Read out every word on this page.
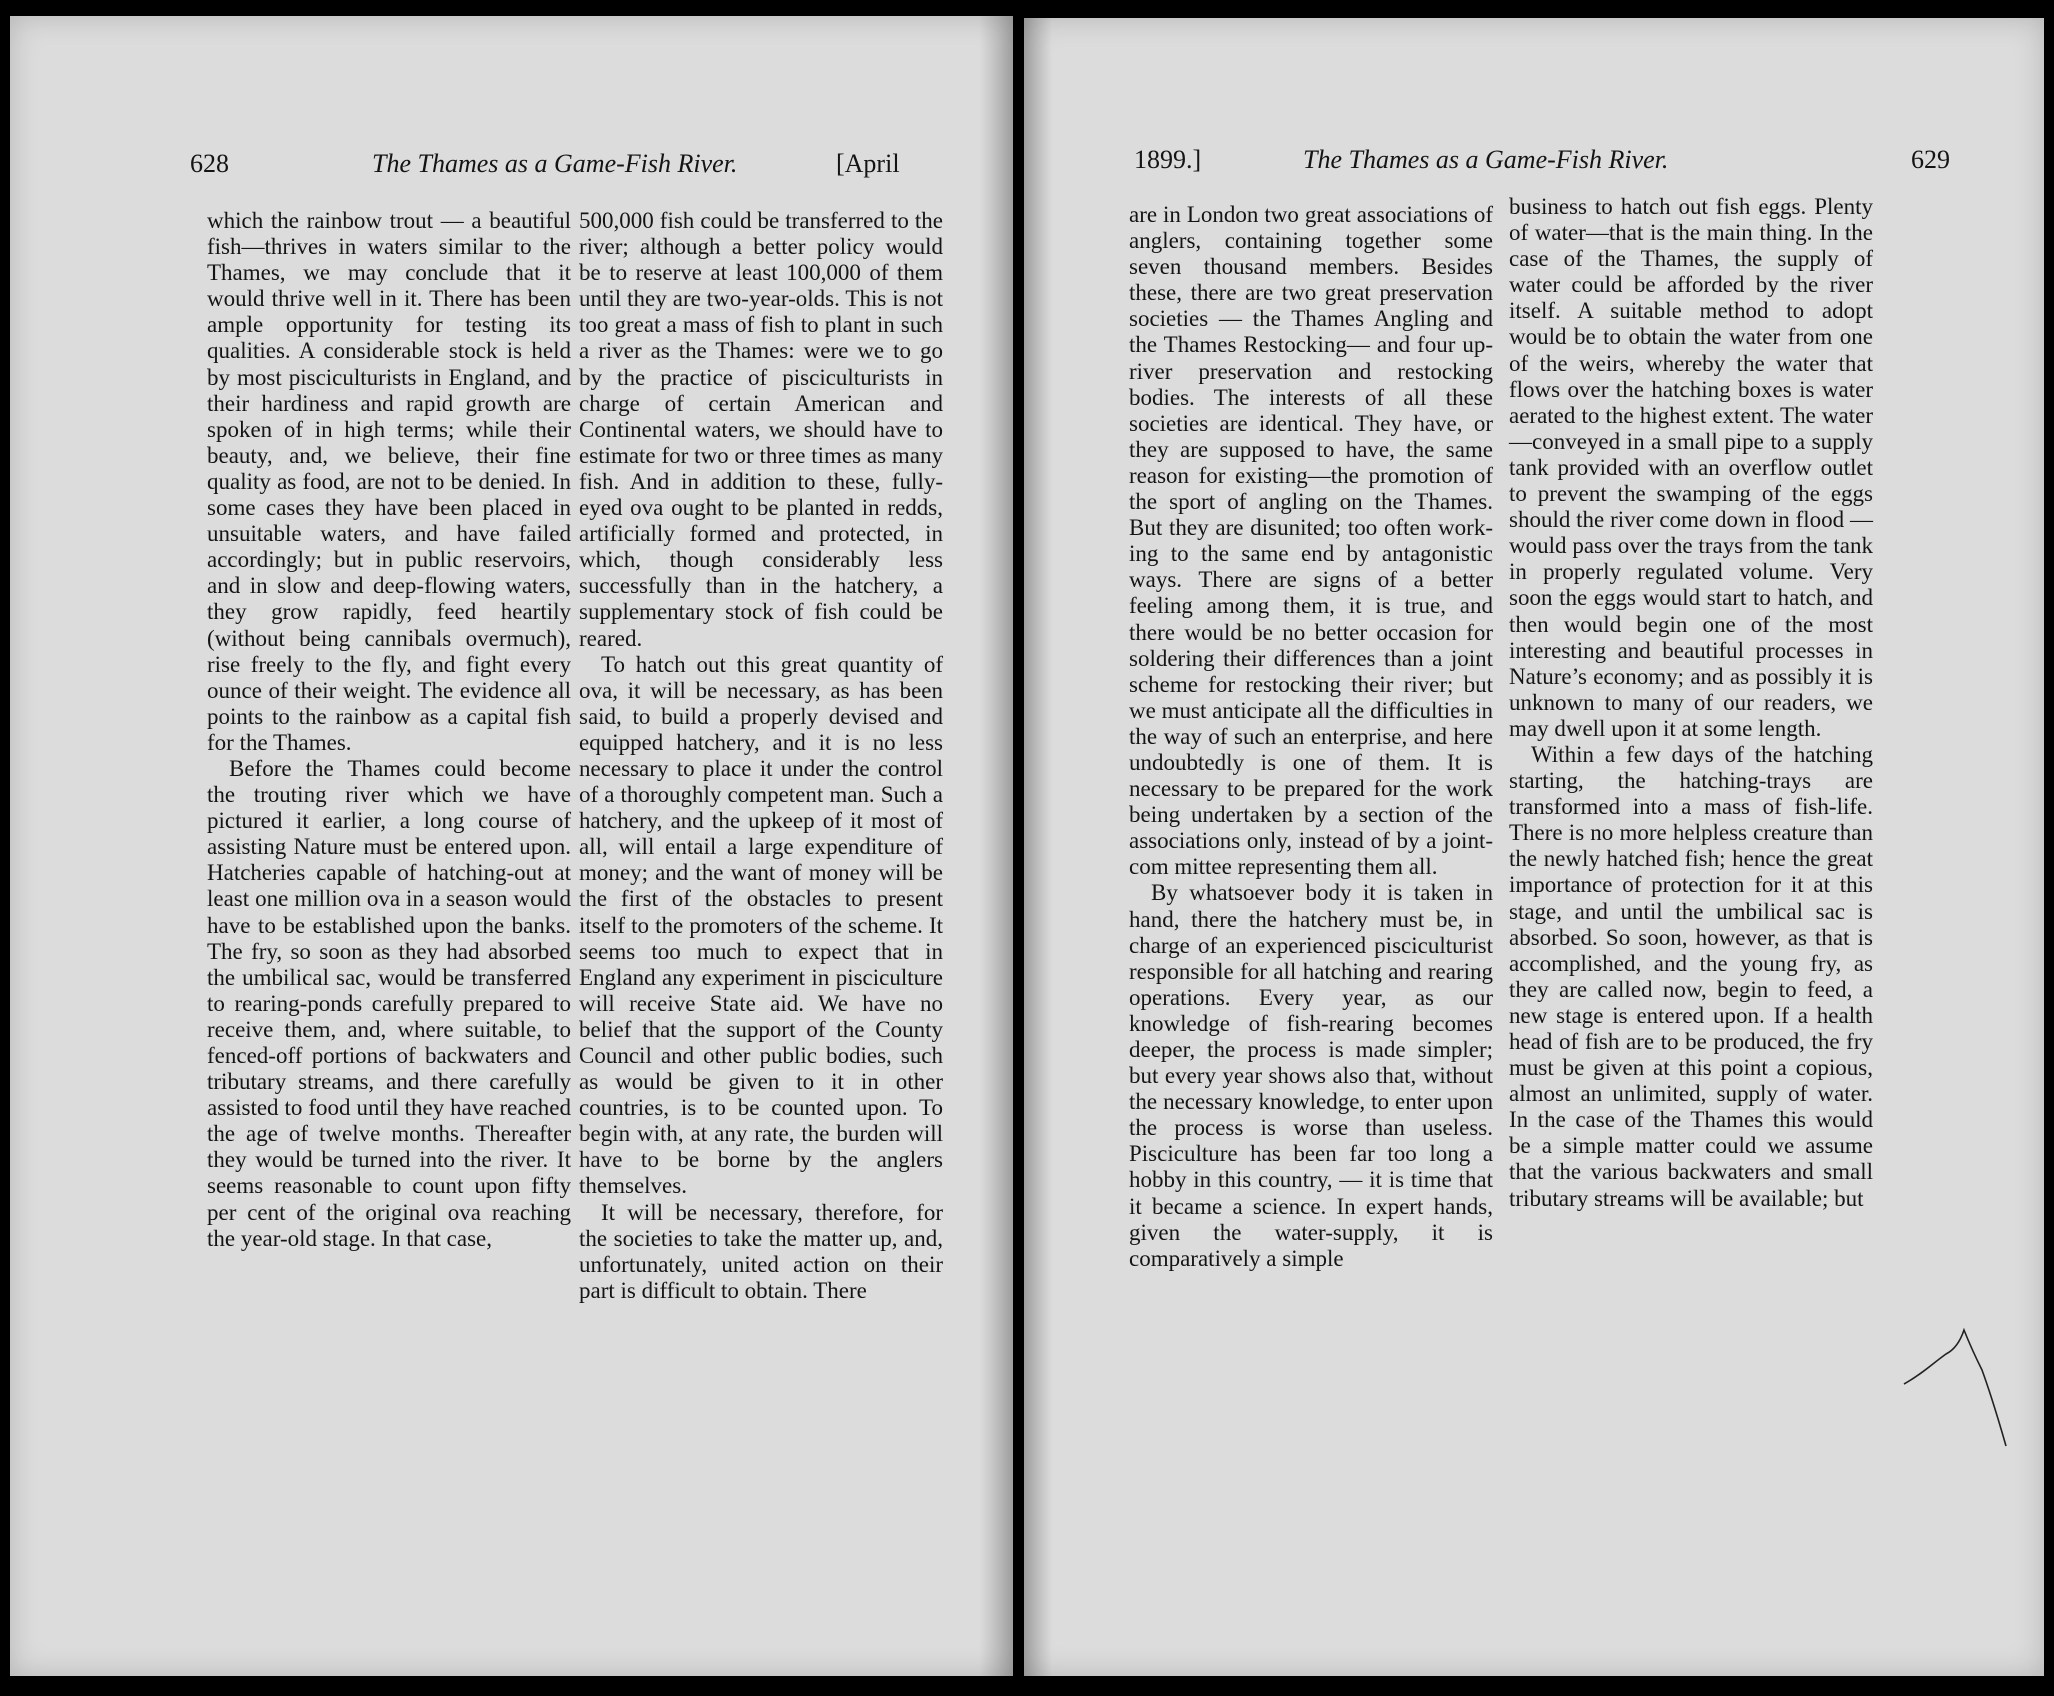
628	The Thames as a Game-Fish River.	[April

which the rainbow trout — a beautiful fish—thrives in waters similar to the Thames, we may conclude that it would thrive well in it. There has been ample opportunity for testing its qualities. A considerable stock is held by most pisciculturists in England, and their hardiness and rapid growth are spoken of in high terms; while their beauty, and, we believe, their fine quality as food, are not to be denied. In some cases they have been placed in unsuitable waters, and have failed accordingly; but in public reservoirs, and in slow and deep-flowing waters, they grow rapidly, feed heartily (without being cannibals overmuch), rise freely to the fly, and fight every ounce of their weight. The evidence all points to the rainbow as a capital fish for the Thames.

Before the Thames could become the trouting river which we have pictured it earlier, a long course of assisting Nature must be entered upon. Hatcheries capable of hatching-out at least one million ova in a season would have to be established upon the banks. The fry, so soon as they had absorbed the umbilical sac, would be transferred to rearing-ponds carefully prepared to receive them, and, where suitable, to fenced-off portions of backwaters and tributary streams, and there carefully assisted to food until they have reached the age of twelve months. Thereafter they would be turned into the river. It seems reasonable to count upon fifty per cent of the original ova reaching the year-old stage. In that case,

500,000 fish could be transferred to the river; although a better policy would be to reserve at least 100,000 of them until they are two-year-olds. This is not too great a mass of fish to plant in such a river as the Thames: were we to go by the practice of pisciculturists in charge of certain American and Continental waters, we should have to estimate for two or three times as many fish. And in addition to these, fully-eyed ova ought to be planted in redds, artificially formed and protected, in which, though considerably less successfully than in the hatchery, a supplementary stock of fish could be reared.

To hatch out this great quantity of ova, it will be necessary, as has been said, to build a properly devised and equipped hatchery, and it is no less necessary to place it under the control of a thoroughly competent man. Such a hatchery, and the upkeep of it most of all, will entail a large expenditure of money; and the want of money will be the first of the obstacles to present itself to the promoters of the scheme. It seems too much to expect that in England any experiment in pisciculture will receive State aid. We have no belief that the support of the County Council and other public bodies, such as would be given to it in other countries, is to be counted upon. To begin with, at any rate, the burden will have to be borne by the anglers themselves.

It will be necessary, therefore, for the societies to take the matter up, and, unfortunately, united action on their part is difficult to obtain. There

1899.]	The Thames as a Game-Fish River.	629

are in London two great associations of anglers, containing together some seven thousand members. Besides these, there are two great preservation societies — the Thames Angling and the Thames Restocking— and four up-river preservation and restocking bodies. The interests of all these societies are identical. They have, or they are supposed to have, the same reason for existing—the promotion of the sport of angling on the Thames. But they are disunited; too often working to the same end by antagonistic ways. There are signs of a better feeling among them, it is true, and there would be no better occasion for soldering their differences than a joint scheme for restocking their river; but we must anticipate all the difficulties in the way of such an enterprise, and here undoubtedly is one of them. It is necessary to be prepared for the work being undertaken by a section of the associations only, instead of by a joint-com mittee representing them all.

By whatsoever body it is taken in hand, there the hatchery must be, in charge of an experienced pisciculturist responsible for all hatching and rearing operations. Every year, as our knowledge of fish-rearing becomes deeper, the process is made simpler; but every year shows also that, without the necessary knowledge, to enter upon the process is worse than useless. Pisciculture has been far too long a hobby in this country, — it is time that it became a science. In expert hands, given the water-supply, it is comparatively a simple

business to hatch out fish eggs. Plenty of water—that is the main thing. In the case of the Thames, the supply of water could be afforded by the river itself. A suitable method to adopt would be to obtain the water from one of the weirs, whereby the water that flows over the hatching boxes is water aerated to the highest extent. The water—conveyed in a small pipe to a supply tank provided with an overflow outlet to prevent the swamping of the eggs should the river come down in flood — would pass over the trays from the tank in properly regulated volume. Very soon the eggs would start to hatch, and then would begin one of the most interesting and beautiful processes in Nature’s economy; and as possibly it is unknown to many of our readers, we may dwell upon it at some length.

Within a few days of the hatching starting, the hatching-trays are transformed into a mass of fish-life. There is no more helpless creature than the newly hatched fish; hence the great importance of protection for it at this stage, and until the umbilical sac is absorbed. So soon, however, as that is accomplished, and the young fry, as they are called now, begin to feed, a new stage is entered upon. If a health head of fish are to be produced, the fry must be given at this point a copious, almost an unlimited, supply of water. In the case of the Thames this would be a simple matter could we assume that the various backwaters and small tributary streams will be available; but
